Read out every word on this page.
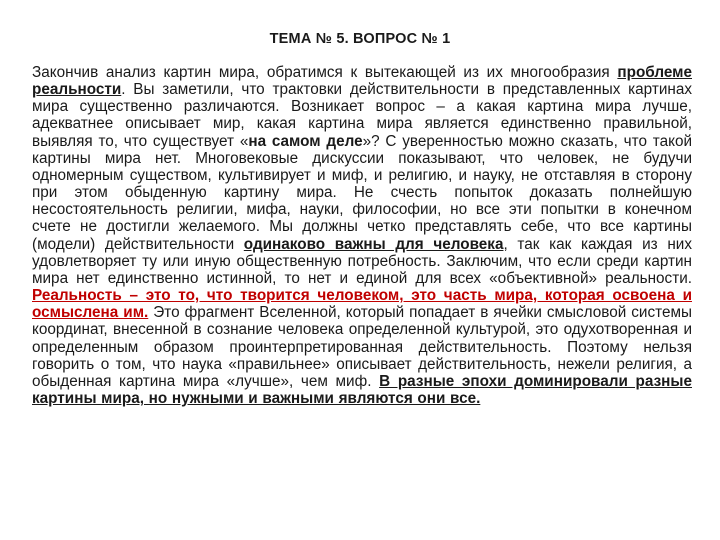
ТЕМА № 5. ВОПРОС № 1
Закончив анализ картин мира, обратимся к вытекающей из их многообразия проблеме реальности. Вы заметили, что трактовки действительности в представленных картинах мира существенно различаются. Возникает вопрос – а какая картина мира лучше, адекватнее описывает мир, какая картина мира является единственно правильной, выявляя то, что существует «на самом деле»? С уверенностью можно сказать, что такой картины мира нет. Многовековые дискуссии показывают, что человек, не будучи одномерным существом, культивирует и миф, и религию, и науку, не отставляя в сторону при этом обыденную картину мира. Не счесть попыток доказать полнейшую несостоятельность религии, мифа, науки, философии, но все эти попытки в конечном счете не достигли желаемого. Мы должны четко представлять себе, что все картины (модели) действительности одинаково важны для человека, так как каждая из них удовлетворяет ту или иную общественную потребность. Заключим, что если среди картин мира нет единственно истинной, то нет и единой для всех «объективной» реальности. Реальность – это то, что творится человеком, это часть мира, которая освоена и осмыслена им. Это фрагмент Вселенной, который попадает в ячейки смысловой системы координат, внесенной в сознание человека определенной культурой, это одухотворенная и определенным образом проинтерпретированная действительность. Поэтому нельзя говорить о том, что наука «правильнее» описывает действительность, нежели религия, а обыденная картина мира «лучше», чем миф. В разные эпохи доминировали разные картины мира, но нужными и важными являются они все.
